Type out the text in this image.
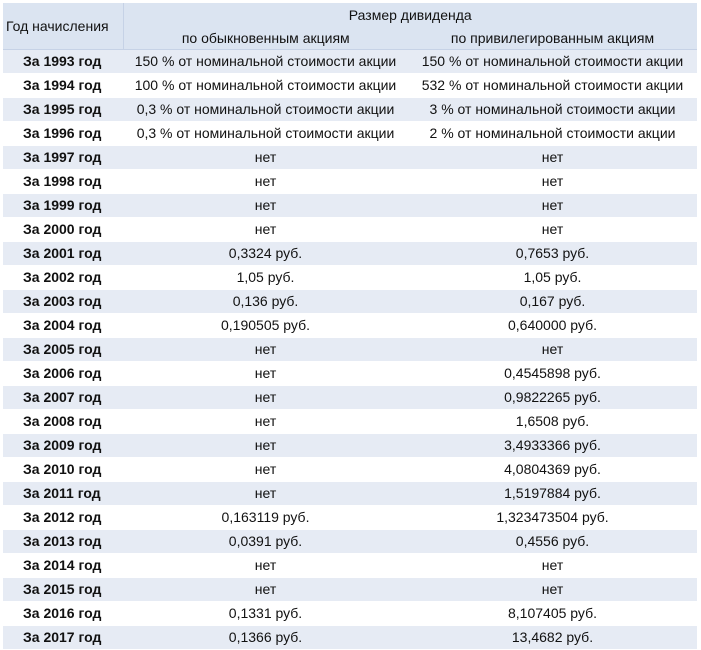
Год начисления	Размер дивиденда	
	по обыкновенным акциям	по привилегированным акциям
За 1993 год	150 % от номинальной стоимости акции	150 % от номинальной стоимости акции
За 1994 год	100 % от номинальной стоимости акции	532 % от номинальной стоимости акции
За 1995 год	0,3 % от номинальной стоимости акции	3 % от номинальной стоимости акции
За 1996 год	0,3 % от номинальной стоимости акции	2 % от номинальной стоимости акции
За 1997 год	нет	нет
За 1998 год	нет	нет
За 1999 год	нет	нет
За 2000 год	нет	нет
За 2001 год	0,3324 руб.	0,7653 руб.
За 2002 год	1,05 руб.	1,05 руб.
За 2003 год	0,136 руб.	0,167 руб.
За 2004 год	0,190505 руб.	0,640000 руб.
За 2005 год	нет	нет
За 2006 год	нет	0,4545898 руб.
За 2007 год	нет	0,9822265 руб.
За 2008 год	нет	1,6508 руб.
За 2009 год	нет	3,4933366 руб.
За 2010 год	нет	4,0804369 руб.
За 2011 год	нет	1,5197884 руб.
За 2012 год	0,163119 руб.	1,323473504 руб.
За 2013 год	0,0391 руб.	0,4556 руб.
За 2014 год	нет	нет
За 2015 год	нет	нет
За 2016 год	0,1331 руб.	8,107405 руб.
За 2017 год	0,1366 руб.	13,4682 руб.
